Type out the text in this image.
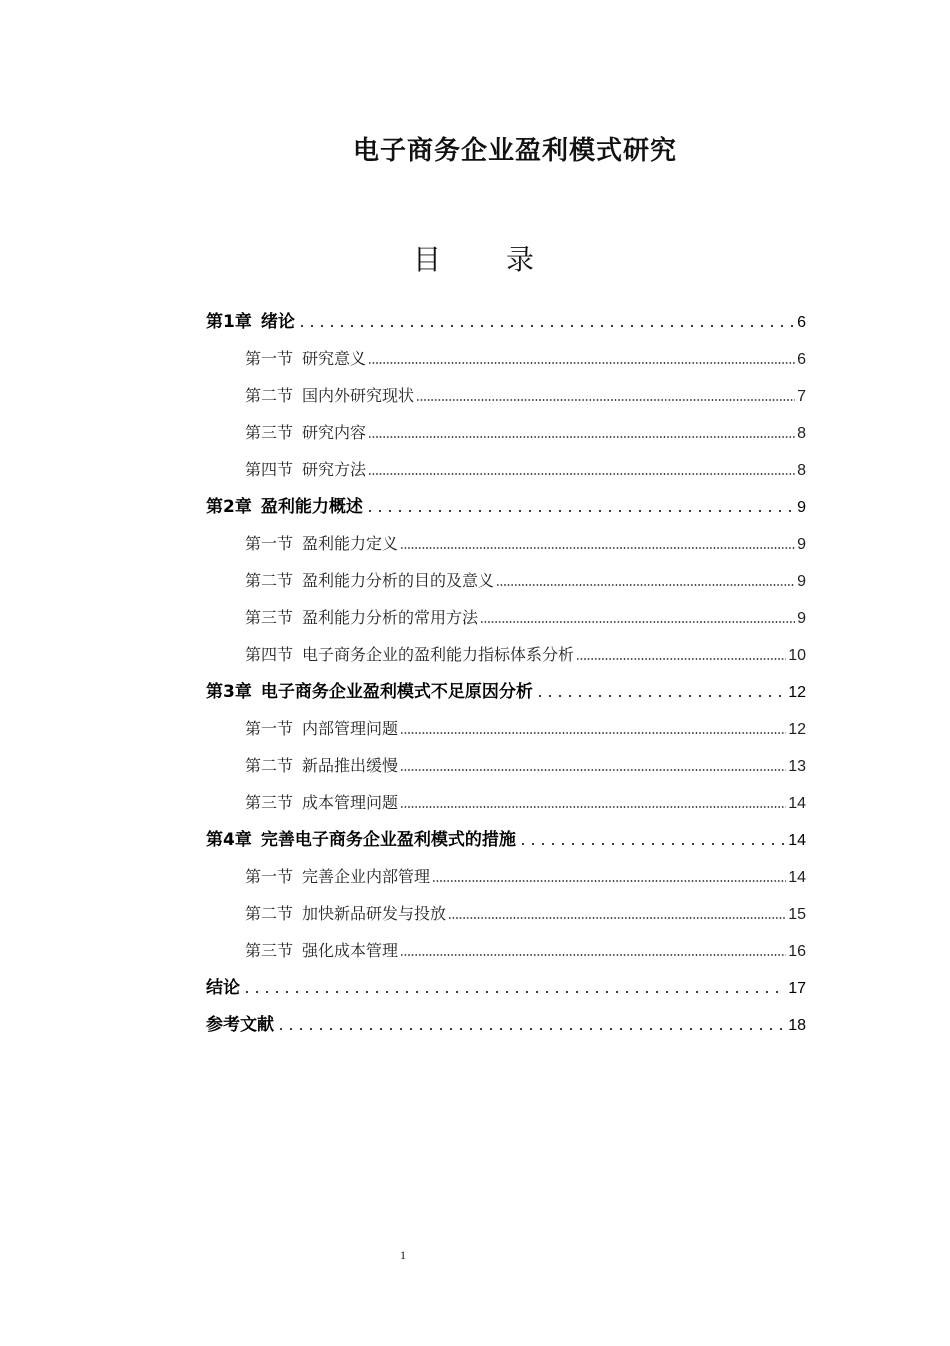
电子商务企业盈利模式研究
目 录
第1章 绪论	6
第一节 研究意义	6
第二节 国内外研究现状	7
第三节 研究内容	8
第四节 研究方法	8
第2章 盈利能力概述	9
第一节 盈利能力定义	9
第二节 盈利能力分析的目的及意义	9
第三节 盈利能力分析的常用方法	9
第四节 电子商务企业的盈利能力指标体系分析	10
第3章 电子商务企业盈利模式不足原因分析	12
第一节 内部管理问题	12
第二节 新品推出缓慢	13
第三节 成本管理问题	14
第4章 完善电子商务企业盈利模式的措施	14
第一节 完善企业内部管理	14
第二节 加快新品研发与投放	15
第三节 强化成本管理	16
结论	17
参考文献	18
1
